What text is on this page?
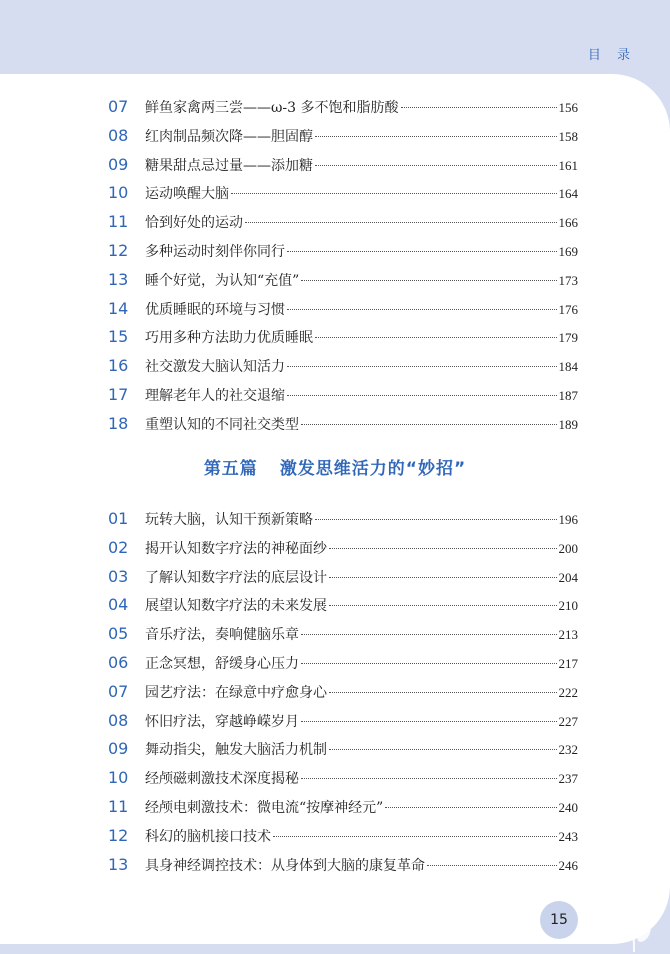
目 录
07	鲜鱼家禽两三尝——ω-3 多不饱和脂肪酸	156
08	红肉制品频次降——胆固醇	158
09	糖果甜点忌过量——添加糖	161
10	运动唤醒大脑	164
11	恰到好处的运动	166
12	多种运动时刻伴你同行	169
13	睡个好觉，为认知“充值”	173
14	优质睡眠的环境与习惯	176
15	巧用多种方法助力优质睡眠	179
16	社交激发大脑认知活力	184
17	理解老年人的社交退缩	187
18	重塑认知的不同社交类型	189
第五篇 激发思维活力的“妙招”
01	玩转大脑，认知干预新策略	196
02	揭开认知数字疗法的神秘面纱	200
03	了解认知数字疗法的底层设计	204
04	展望认知数字疗法的未来发展	210
05	音乐疗法，奏响健脑乐章	213
06	正念冥想，舒缓身心压力	217
07	园艺疗法：在绿意中疗愈身心	222
08	怀旧疗法，穿越峥嵘岁月	227
09	舞动指尖，触发大脑活力机制	232
10	经颅磁刺激技术深度揭秘	237
11	经颅电刺激技术：微电流“按摩神经元”	240
12	科幻的脑机接口技术	243
13	具身神经调控技术：从身体到大脑的康复革命	246
15
